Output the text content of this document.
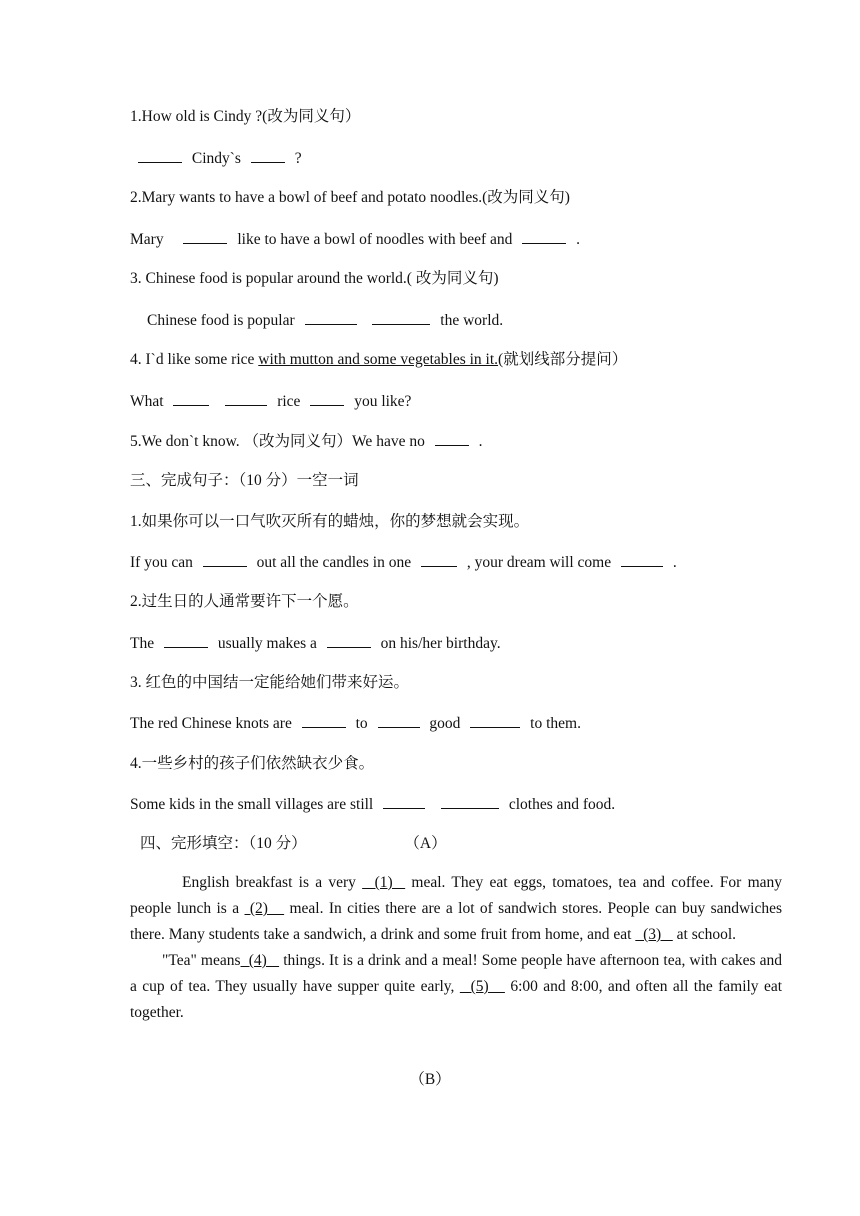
1.How old is Cindy ?(改为同义句）
Cindy`s	?
2.Mary wants to have a bowl of beef and potato noodles.(改为同义句)
Mary	like to have a bowl of noodles with beef and	.
3. Chinese food is popular around the world.( 改为同义句)
Chinese food is popular	the world.
4. I`d like some rice with mutton and some vegetables in it.(就划线部分提问）
What	rice	you like?
5.We don`t know. （改为同义句）We have no	.
三、完成句子：（10 分）一空一词
1.如果你可以一口气吹灭所有的蜡烛，你的梦想就会实现。
If you can	out all the candles in one	, your dream will come	.
2.过生日的人通常要许下一个愿。
The	usually makes a	on his/her birthday.
3. 红色的中国结一定能给她们带来好运。
The red Chinese knots are	to	good	to them.
4.一些乡村的孩子们依然缺衣少食。
Some kids in the small villages are still	clothes and food.
四、完形填空：（10 分）	（A）
English breakfast is a very   (1)   meal. They eat eggs, tomatoes, tea and coffee. For many people lunch is a  (2)    meal. In cities there are a lot of sandwich stores. People can buy sandwiches there. Many students take a sandwich, a drink and some fruit from home, and eat   (3)    at school.
"Tea" means  (4)    things. It is a drink and a meal! Some people have afternoon tea, with cakes and a cup of tea. They usually have supper quite early,   (5)    6:00 and 8:00, and often all the family eat together.
（B）
